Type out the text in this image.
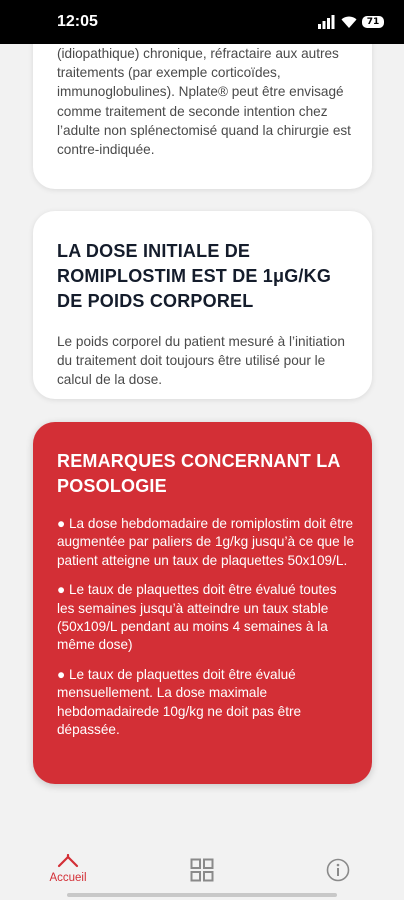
12:05	71

(idiopathique) chronique, réfractaire aux autres traitements (par exemple corticoïdes, immunoglobulines). Nplate® peut être envisagé comme traitement de seconde intention chez l’adulte non splénectomisé quand la chirurgie est contre-indiquée.

LA DOSE INITIALE DE ROMIPLOSTIM EST DE 1μG/KG DE POIDS CORPOREL

Le poids corporel du patient mesuré à l’initiation du traitement doit toujours être utilisé pour le calcul de la dose.

REMARQUES CONCERNANT LA POSOLOGIE

● La dose hebdomadaire de romiplostim doit être augmentée par paliers de 1g/kg jusqu’à ce que le patient atteigne un taux de plaquettes 50x109/L.

● Le taux de plaquettes doit être évalué toutes les semaines jusqu’à atteindre un taux stable (50x109/L pendant au moins 4 semaines à la même dose)

● Le taux de plaquettes doit être évalué mensuellement. La dose maximale hebdomadairede 10g/kg ne doit pas être dépassée.

Accueil
